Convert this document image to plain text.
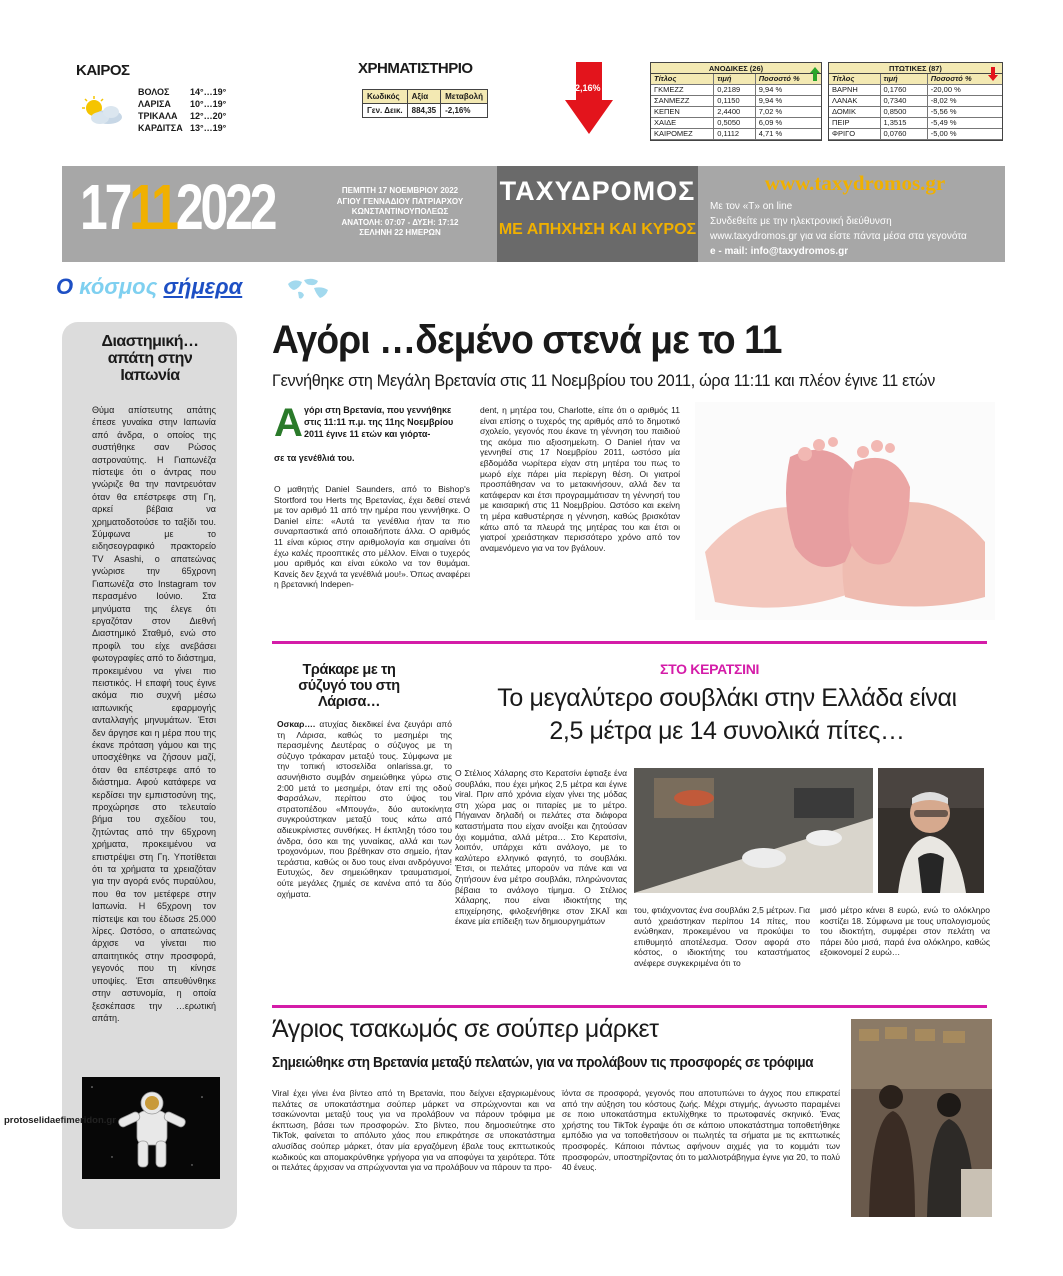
ΚΑΙΡΟΣ
ΒΟΛΟΣ	14°…19°
ΛΑΡΙΣΑ	10°…19°
ΤΡΙΚΑΛΑ	12°…20°
ΚΑΡΔΙΤΣΑ 13°…19°
ΧΡΗΜΑΤΙΣΤΗΡΙΟ
Κωδικός	Αξία	Μεταβολή
Γεν. Δεικ.	884,35	-2,16%
-2,16%
ΑΝΟΔΙΚΕΣ (26)
Τίτλος	τιμή	Ποσοστό %
ΓΚΜΕΖΖ	0,2189	9,94 %
ΣΑΝΜΕΖΖ	0,1150	9,94 %
ΚΕΠΕΝ	2,4400	7,02 %
ΧΑΙΔΕ	0,5050	6,09 %
ΚΑΙΡΟΜΕΖ	0,1112	4,71 %
ΠΤΩΤΙΚΕΣ (87)
Τίτλος	τιμή	Ποσοστό %
ΒΑΡΝΗ	0,1760	-20,00 %
ΛΑΝΑΚ	0,7340	-8,02 %
ΔΟΜΙΚ	0,8500	-5,56 %
ΠΕΙΡ	1,3515	-5,49 %
ΦΡΙΓΟ	0,0760	-5,00 %
17112022	ΠΕΜΠΤΗ 17 ΝΟΕΜΒΡΙΟΥ 2022
ΑΓΙΟΥ ΓΕΝΝΑΔΙΟΥ ΠΑΤΡΙΑΡΧΟΥ
ΚΩΝΣΤΑΝΤΙΝΟΥΠΟΛΕΩΣ
ΑΝΑΤΟΛΗ: 07:07 - ΔΥΣΗ: 17:12
ΣΕΛΗΝΗ 22 ΗΜΕΡΩΝ
ΤΑΧΥΔΡΟΜΟΣ
ΜΕ ΑΠΗΧΗΣΗ ΚΑΙ ΚΥΡΟΣ
www.taxydromos.gr
Με τον «Τ» on line
Συνδεθείτε με την ηλεκτρονική διεύθυνση
www.taxydromos.gr για να είστε πάντα μέσα στα γεγονότα
e - mail: info@taxydromos.gr
Ο κόσμος σήμερα
Διαστημική… απάτη στην Ιαπωνία
Θύμα απίστευτης απάτης έπεσε γυναίκα στην Ιαπωνία από άνδρα, ο οποίος της συστήθηκε σαν Ρώσος αστροναύτης. Η Γιαπωνέζα πίστεψε ότι ο άντρας που γνώριζε θα την παντρευόταν όταν θα επέστρεφε στη Γη, αρκεί βέβαια να χρηματοδοτούσε το ταξίδι του. Σύμφωνα με το ειδησεογραφικό πρακτορείο TV Asashi, ο απατεώνας γνώρισε την 65χρονη Γιαπωνέζα στο Instagram τον περασμένο Ιούνιο. Στα μηνύματα της έλεγε ότι εργαζόταν στον Διεθνή Διαστημικό Σταθμό, ενώ στο προφίλ του είχε ανεβάσει φωτογραφίες από το διάστημα, προκειμένου να γίνει πιο πειστικός. Η επαφή τους έγινε ακόμα πιο συχνή μέσω ιαπωνικής εφαρμογής ανταλλαγής μηνυμάτων. Έτσι δεν άργησε και η μέρα που της έκανε πρόταση γάμου και της υποσχέθηκε να ζήσουν μαζί, όταν θα επέστρεφε από το διάστημα. Αφού κατάφερε να κερδίσει την εμπιστοσύνη της, προχώρησε στο τελευταίο βήμα του σχεδίου του, ζητώντας από την 65χρονη χρήματα, προκειμένου να επιστρέψει στη Γη. Υποτίθεται ότι τα χρήματα τα χρειαζόταν για την αγορά ενός πυραύλου, που θα τον μετέφερε στην Ιαπωνία. Η 65χρονη τον πίστεψε και του έδωσε 25.000 λίρες. Ωστόσο, ο απατεώνας άρχισε να γίνεται πιο απαιτητικός στην προσφορά, γεγονός που τη κίνησε υποψίες. Έτσι απευθύνθηκε στην αστυνομία, η οποία ξεσκέπασε την …ερωτική απάτη.
Αγόρι …δεμένο στενά με το 11
Γεννήθηκε στη Μεγάλη Βρετανία στις 11 Νοεμβρίου του 2011, ώρα 11:11 και πλέον έγινε 11 ετών
Α γόρι στη Βρετανία, που γεννήθηκε στις 11:11 π.μ. της 11ης Νοεμβρίου 2011 έγινε 11 ετών και γιόρτα-
σε τα γενέθλιά του.
Ο μαθητής Daniel Saunders, από το Bishop's Stortford του Herts της Βρετανίας, έχει δεθεί στενά με τον αριθμό 11 από την ημέρα που γεννήθηκε. Ο Daniel είπε: «Αυτά τα γενέθλια ήταν τα πιο συναρπαστικά από οποιαδήποτε άλλα. Ο αριθμός 11 είναι κύριος στην αριθμολογία και σημαίνει ότι έχω καλές προοπτικές στο μέλλον. Είναι ο τυχερός μου αριθμός και είναι εύκολο να τον θυμάμαι. Κανείς δεν ξεχνά τα γενέθλιά μου!». Όπως αναφέρει η βρετανική Indepen-
dent, η μητέρα του, Charlotte, είπε ότι ο αριθμός 11 είναι επίσης ο τυχερός της αριθμός από το δημοτικό σχολείο, γεγονός που έκανε τη γέννηση του παιδιού της ακόμα πιο αξιοσημείωτη. Ο Daniel ήταν να γεννηθεί στις 17 Νοεμβρίου 2011, ωστόσο μία εβδομάδα νωρίτερα είχαν στη μητέρα του πως το μωρό είχε πάρει μία περίεργη θέση. Οι γιατροί προσπάθησαν να το μετακινήσουν, αλλά δεν τα κατάφεραν και έτσι προγραμμάτισαν τη γέννησή του με καισαρική στις 11 Νοεμβρίου. Ωστόσο και εκείνη τη μέρα καθυστέρησε η γέννηση, καθώς βρισκόταν κάτω από τα πλευρά της μητέρας του και έτσι οι γιατροί χρειάστηκαν περισσότερο χρόνο από τον αναμενόμενο για να τον βγάλουν.
Τράκαρε με τη σύζυγό του στη Λάρισα…
Οσκαρ…. ατυχίας διεκδικεί ένα ζευγάρι από τη Λάρισα, καθώς το μεσημέρι της περασμένης Δευτέρας ο σύζυγος με τη σύζυγο τράκαραν μεταξύ τους. Σύμφωνα με την τοπική ιστοσελίδα onlarissa.gr, το ασυνήθιστο συμβάν σημειώθηκε γύρω στις 2:00 μετά το μεσημέρι, όταν επί της οδού Φαρσάλων, περίπου στο ύψος του στρατοπέδου «Μπουγά», δύο αυτοκίνητα συγκρούστηκαν μεταξύ τους κάτω από αδιευκρίνιστες συνθήκες. Η έκπληξη τόσο του άνδρα, όσο και της γυναίκας, αλλά και των τροχονόμων, που βρέθηκαν στο σημείο, ήταν τεράστια, καθώς οι δυο τους είναι ανδρόγυνο! Ευτυχώς, δεν σημειώθηκαν τραυματισμοί, ούτε μεγάλες ζημιές σε κανένα από τα δύο οχήματα.
ΣΤΟ ΚΕΡΑΤΣΙΝΙ
Το μεγαλύτερο σουβλάκι στην Ελλάδα είναι 2,5 μέτρα με 14 συνολικά πίτες…
Ο Στέλιος Χάλαρης στο Κερατσίνι έφτιαξε ένα σουβλάκι, που έχει μήκος 2,5 μέτρα και έγινε viral. Πριν από χρόνια είχαν γίνει της μόδας στη χώρα μας οι πιταρίες με το μέτρο. Πήγαιναν δηλαδή οι πελάτες στα διάφορα καταστήματα που είχαν ανοίξει και ζητούσαν όχι κομμάτια, αλλά μέτρα… Στο Κερατσίνι, λοιπόν, υπάρχει κάτι ανάλογο, με το καλύτερο ελληνικό φαγητό, το σουβλάκι. Έτσι, οι πελάτες μπορούν να πάνε και να ζητήσουν ένα μέτρο σουβλάκι, πληρώνοντας βέβαια το ανάλογο τίμημα. Ο Στέλιος Χάλαρης, που είναι ιδιοκτήτης της επιχείρησης, φιλοξενήθηκε στον ΣΚΑΪ και έκανε μία επίδειξη των δημιουργημάτων
του, φτιάχνοντας ένα σουβλάκι 2,5 μέτρων. Για αυτό χρειάστηκαν περίπου 14 πίτες, που ενώθηκαν, προκειμένου να προκύψει το επιθυμητό αποτέλεσμα. Όσον αφορά στο κόστος, ο ιδιοκτήτης του καταστήματος ανέφερε συγκεκριμένα ότι το
μισό μέτρο κάνει 8 ευρώ, ενώ το ολόκληρο κοστίζει 18. Σύμφωνα με τους υπολογισμούς του ιδιοκτήτη, συμφέρει στον πελάτη να πάρει δύο μισά, παρά ένα ολόκληρο, καθώς εξοικονομεί 2 ευρώ…
Άγριος τσακωμός σε σούπερ μάρκετ
Σημειώθηκε στη Βρετανία μεταξύ πελατών, για να προλάβουν τις προσφορές σε τρόφιμα
Viral έχει γίνει ένα βίντεο από τη Βρετανία, που δείχνει εξαγριωμένους πελάτες σε υποκατάστημα σούπερ μάρκετ να σπρώχνονται και να τσακώνονται μεταξύ τους για να προλάβουν να πάρουν τρόφιμα με έκπτωση, βάσει των προσφορών. Στο βίντεο, που δημοσιεύτηκε στο TikTok, φαίνεται το απόλυτο χάος που επικράτησε σε υποκατάστημα αλυσίδας σούπερ μάρκετ, όταν μία εργαζόμενη έβαλε τους εκπτωτικούς κωδικούς και απομακρύνθηκε γρήγορα για να αποφύγει τα χειρότερα. Τότε οι πελάτες άρχισαν να σπρώχνονται για να προλάβουν να πάρουν τα προ-
ϊόντα σε προσφορά, γεγονός που αποτυπώνει το άγχος που επικρατεί από την αύξηση του κόστους ζωής. Μέχρι στιγμής, άγνωστο παραμένει σε ποιο υποκατάστημα εκτυλίχθηκε το πρωτοφανές σκηνικό. Ένας χρήστης του TikTok έγραψε ότι σε κάποιο υποκατάστημα τοποθετήθηκε εμπόδιο για να τοποθετήσουν οι πωλητές τα σήματα με τις εκπτωτικές προσφορές. Κάποιοι πάντως αφήνουν αιχμές για το κομμάτι των προσφορών, υποστηρίζοντας ότι το μαλλιοτράβηγμα έγινε για 20, το πολύ 40 ένευς.
protoselidaefimeridon.gr
